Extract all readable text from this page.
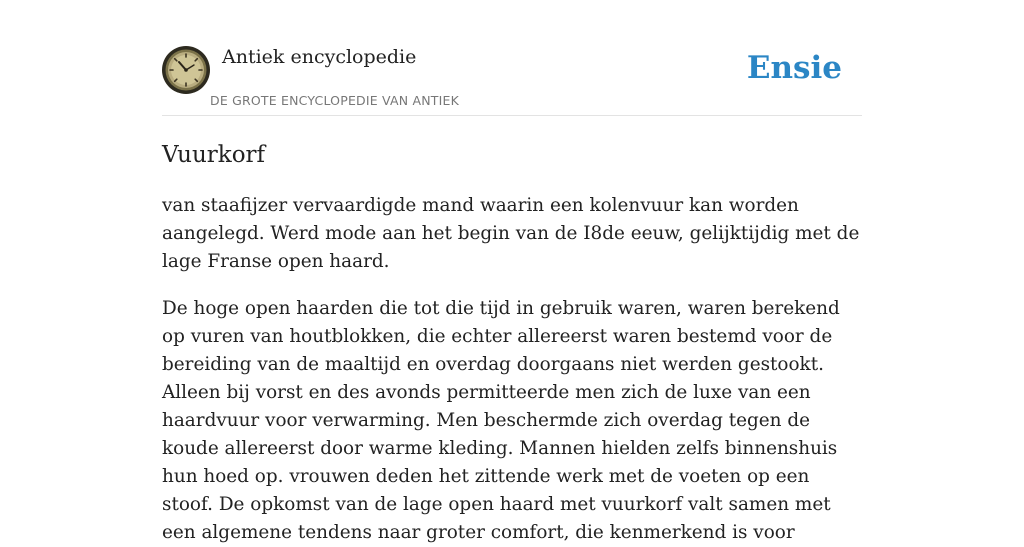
Antiek encyclopedie
DE GROTE ENCYCLOPEDIE VAN ANTIEK
Ensie
Vuurkorf

van staafijzer vervaardigde mand waarin een kolenvuur kan worden aangelegd. Werd mode aan het begin van de I8de eeuw, gelijktijdig met de lage Franse open haard.

De hoge open haarden die tot die tijd in gebruik waren, waren berekend op vuren van houtblokken, die echter allereerst waren bestemd voor de bereiding van de maaltijd en overdag doorgaans niet werden gestookt. Alleen bij vorst en des avonds permitteerde men zich de luxe van een haardvuur voor verwarming. Men beschermde zich overdag tegen de koude allereerst door warme kleding. Mannen hielden zelfs binnenshuis hun hoed op. vrouwen deden het zittende werk met de voeten op een stoof. De opkomst van de lage open haard met vuurkorf valt samen met een algemene tendens naar groter comfort, die kenmerkend is voor
